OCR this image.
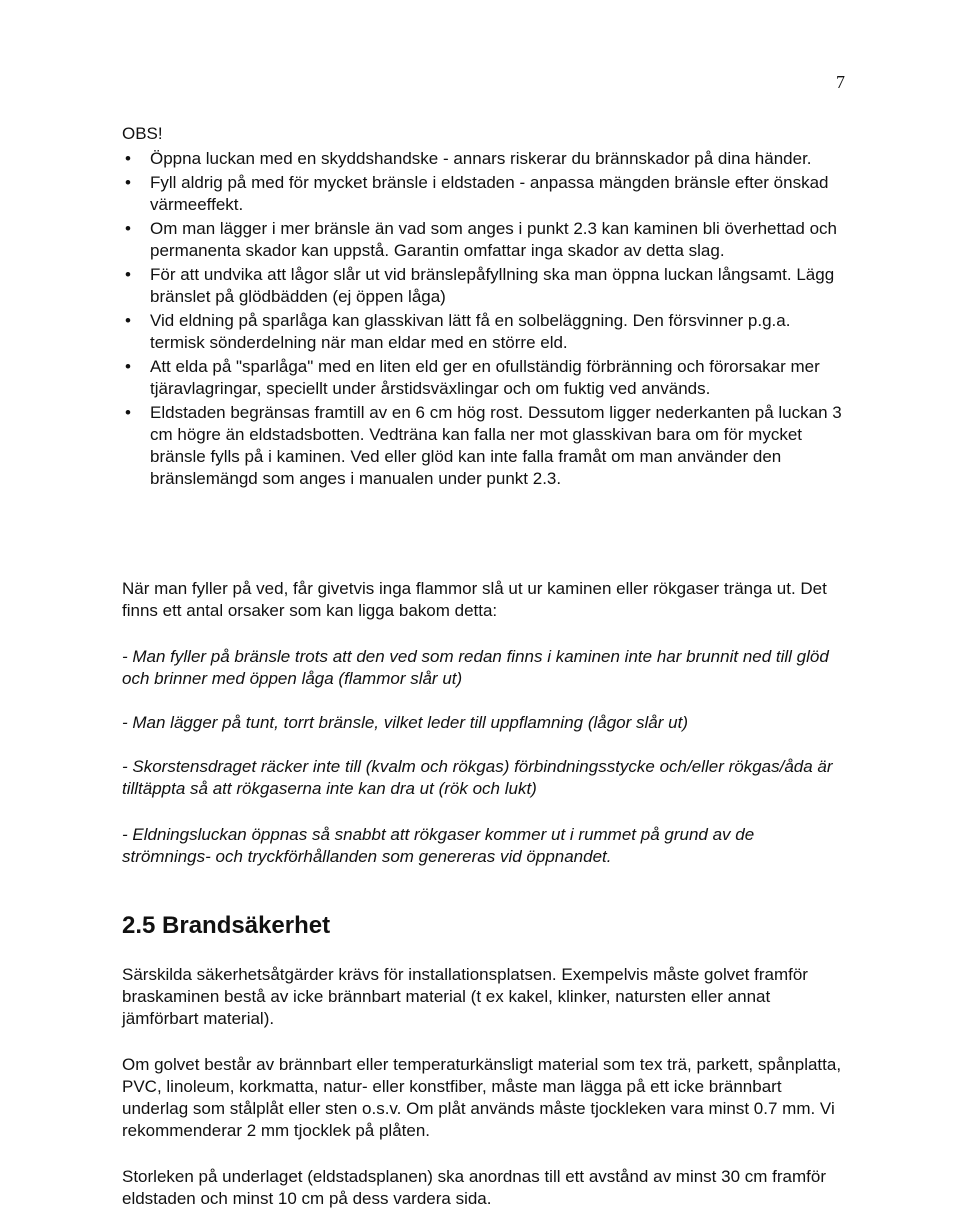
7
OBS!
• Öppna luckan med en skyddshandske - annars riskerar du brännskador på dina händer.
• Fyll aldrig på med för mycket bränsle i eldstaden - anpassa mängden bränsle efter önskad värmeeffekt.
• Om man lägger i mer bränsle än vad som anges i punkt 2.3 kan kaminen bli överhettad och permanenta skador kan uppstå. Garantin omfattar inga skador av detta slag.
• För att undvika att lågor slår ut vid bränslepåfyllning ska man öppna luckan långsamt. Lägg bränslet på glödbädden (ej öppen låga)
• Vid eldning på sparlåga kan glasskivan lätt få en solbeläggning. Den försvinner p.g.a. termisk sönderdelning när man eldar med en större eld.
• Att elda på "sparlåga" med en liten eld ger en ofullständig förbränning och förorsakar mer tjäravlagringar, speciellt under årstidsväxlingar och om fuktig ved används.
• Eldstaden begränsas framtill av en 6 cm hög rost. Dessutom ligger nederkanten på luckan 3 cm högre än eldstadsbotten. Vedträna kan falla ner mot glasskivan bara om för mycket bränsle fylls på i kaminen. Ved eller glöd kan inte falla framåt om man använder den bränslemängd som anges i manualen under punkt 2.3.

När man fyller på ved, får givetvis inga flammor slå ut ur kaminen eller rökgaser tränga ut. Det finns ett antal orsaker som kan ligga bakom detta:

- Man fyller på bränsle trots att den ved som redan finns i kaminen inte har brunnit ned till glöd och brinner med öppen låga (flammor slår ut)

- Man lägger på tunt, torrt bränsle, vilket leder till uppflamning (lågor slår ut)

- Skorstensdraget räcker inte till (kvalm och rökgas) förbindningsstycke och/eller rökgas/åda är tilltäppta så att rökgaserna inte kan dra ut (rök och lukt)

- Eldningsluckan öppnas så snabbt att rökgaser kommer ut i rummet på grund av de strömnings- och tryckförhållanden som genereras vid öppnandet.

2.5 Brandsäkerhet

Särskilda säkerhetsåtgärder krävs för installationsplatsen. Exempelvis måste golvet framför braskaminen bestå av icke brännbart material (t ex kakel, klinker, natursten eller annat jämförbart material).

Om golvet består av brännbart eller temperaturkänsligt material som tex trä, parkett, spånplatta, PVC, linoleum, korkmatta, natur- eller konstfiber, måste man lägga på ett icke brännbart underlag som stålplåt eller sten o.s.v. Om plåt används måste tjockleken vara minst 0.7 mm. Vi rekommenderar 2 mm tjocklek på plåten.

Storleken på underlaget (eldstadsplanen) ska anordnas till ett avstånd av minst 30 cm framför eldstaden och minst 10 cm på dess vardera sida.
